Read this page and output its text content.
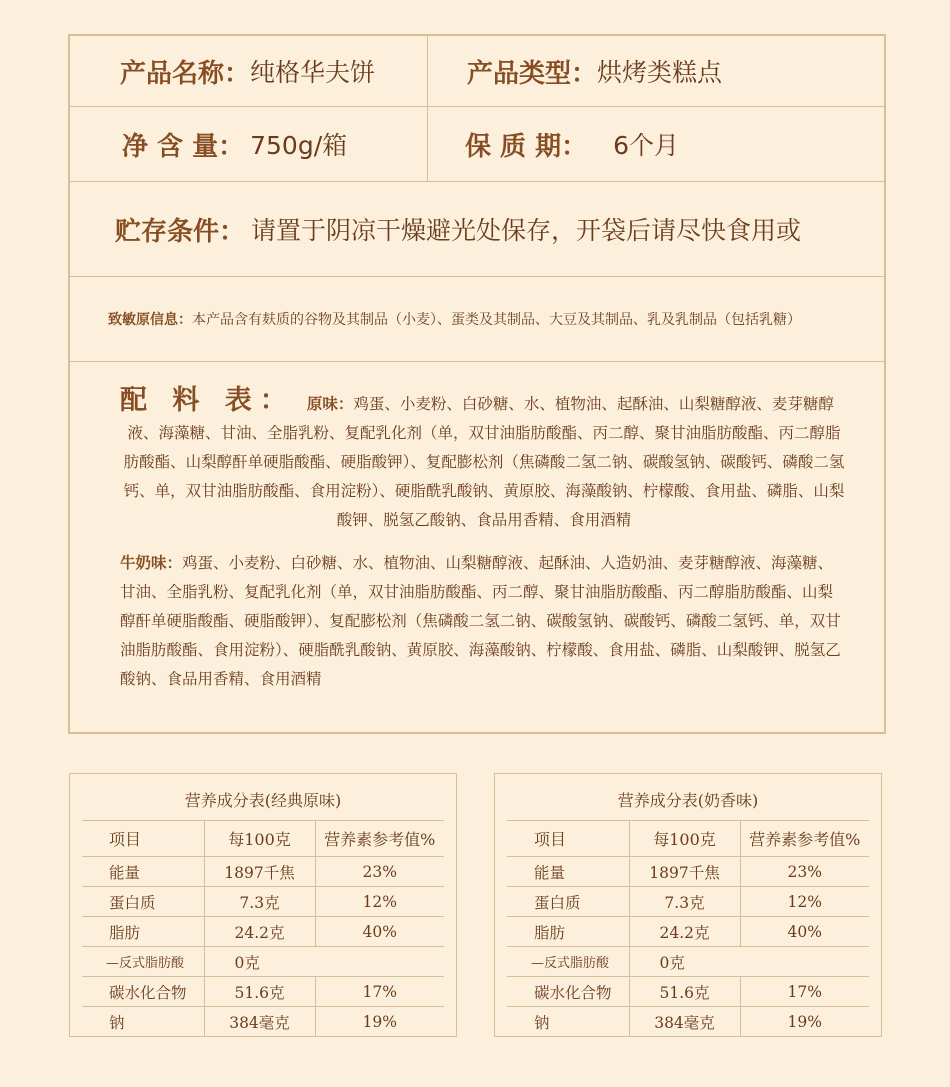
产品名称： 纯格华夫饼	产品类型： 烘烤类糕点
净 含 量： 750g/箱	保 质 期： 6个月
贮存条件： 请置于阴凉干燥避光处保存，开袋后请尽快食用或
致敏原信息： 本产品含有麸质的谷物及其制品（小麦）、蛋类及其制品、大豆及其制品、乳及乳制品（包括乳糖）
配 料 表： 原味： 鸡蛋、小麦粉、白砂糖、水、植物油、起酥油、山梨糖醇液、麦芽糖醇

液、海藻糖、甘油、全脂乳粉、复配乳化剂（单，双甘油脂肪酸酯、丙二醇、聚甘油脂肪酸酯、丙二醇脂肪酸酯、山梨醇酐单硬脂酸酯、硬脂酸钾）、复配膨松剂（焦磷酸二氢二钠、碳酸氢钠、碳酸钙、磷酸二氢钙、单，双甘油脂肪酸酯、食用淀粉）、硬脂酰乳酸钠、黄原胶、海藻酸钠、柠檬酸、食用盐、磷脂、山梨酸钾、脱氢乙酸钠、食品用香精、食用酒精

牛奶味：鸡蛋、小麦粉、白砂糖、水、植物油、山梨糖醇液、起酥油、人造奶油、麦芽糖醇液、海藻糖、甘油、全脂乳粉、复配乳化剂（单，双甘油脂肪酸酯、丙二醇、聚甘油脂肪酸酯、丙二醇脂肪酸酯、山梨醇酐单硬脂酸酯、硬脂酸钾）、复配膨松剂（焦磷酸二氢二钠、碳酸氢钠、碳酸钙、磷酸二氢钙、单，双甘油脂肪酸酯、食用淀粉）、硬脂酰乳酸钠、黄原胶、海藻酸钠、柠檬酸、食用盐、磷脂、山梨酸钾、脱氢乙酸钠、食品用香精、食用酒精

营养成分表(经典原味)
项目	每100克	营养素参考值%
能量	1897千焦	23%
蛋白质	7.3克	12%
脂肪	24.2克	40%
—反式脂肪酸	0克	
碳水化合物	51.6克	17%
钠	384毫克	19%
营养成分表(奶香味)
项目	每100克	营养素参考值%
能量	1897千焦	23%
蛋白质	7.3克	12%
脂肪	24.2克	40%
—反式脂肪酸	0克	
碳水化合物	51.6克	17%
钠	384毫克	19%
